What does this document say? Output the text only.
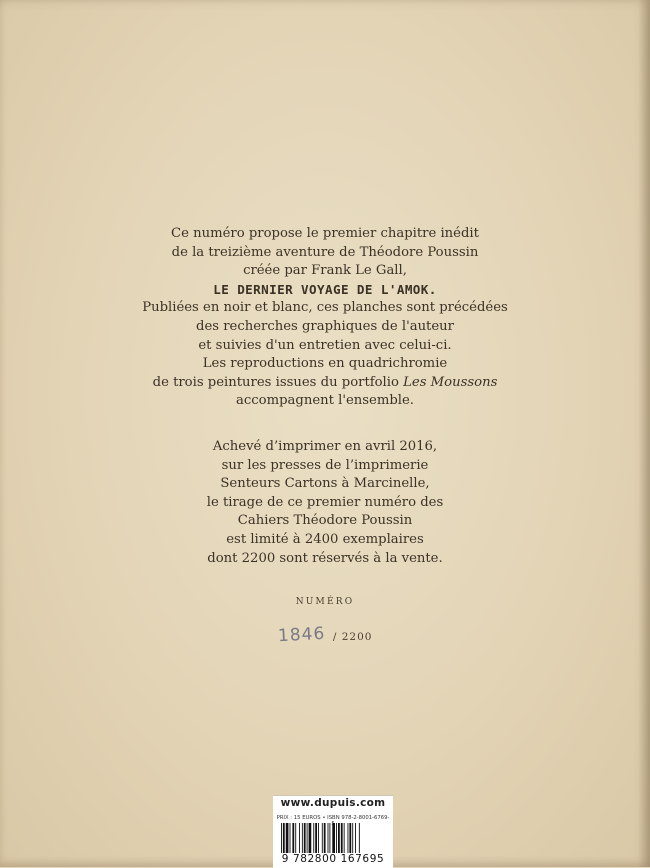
Ce numéro propose le premier chapitre inédit
de la treizième aventure de Théodore Poussin
créée par Frank Le Gall,
LE DERNIER VOYAGE DE L'AMOK.
Publiées en noir et blanc, ces planches sont précédées
des recherches graphiques de l'auteur
et suivies d'un entretien avec celui-ci.
Les reproductions en quadrichromie
de trois peintures issues du portfolio Les Moussons
accompagnent l'ensemble.
Achevé d’imprimer en avril 2016,
sur les presses de l’imprimerie
Senteurs Cartons à Marcinelle,
le tirage de ce premier numéro des
Cahiers Théodore Poussin
est limité à 2400 exemplaires
dont 2200 sont réservés à la vente.
NUMÉRO
1846 / 2200
www.dupuis.com
PRIX : 15 EUROS • ISBN 978-2-8001-6769-
9 782800 167695
